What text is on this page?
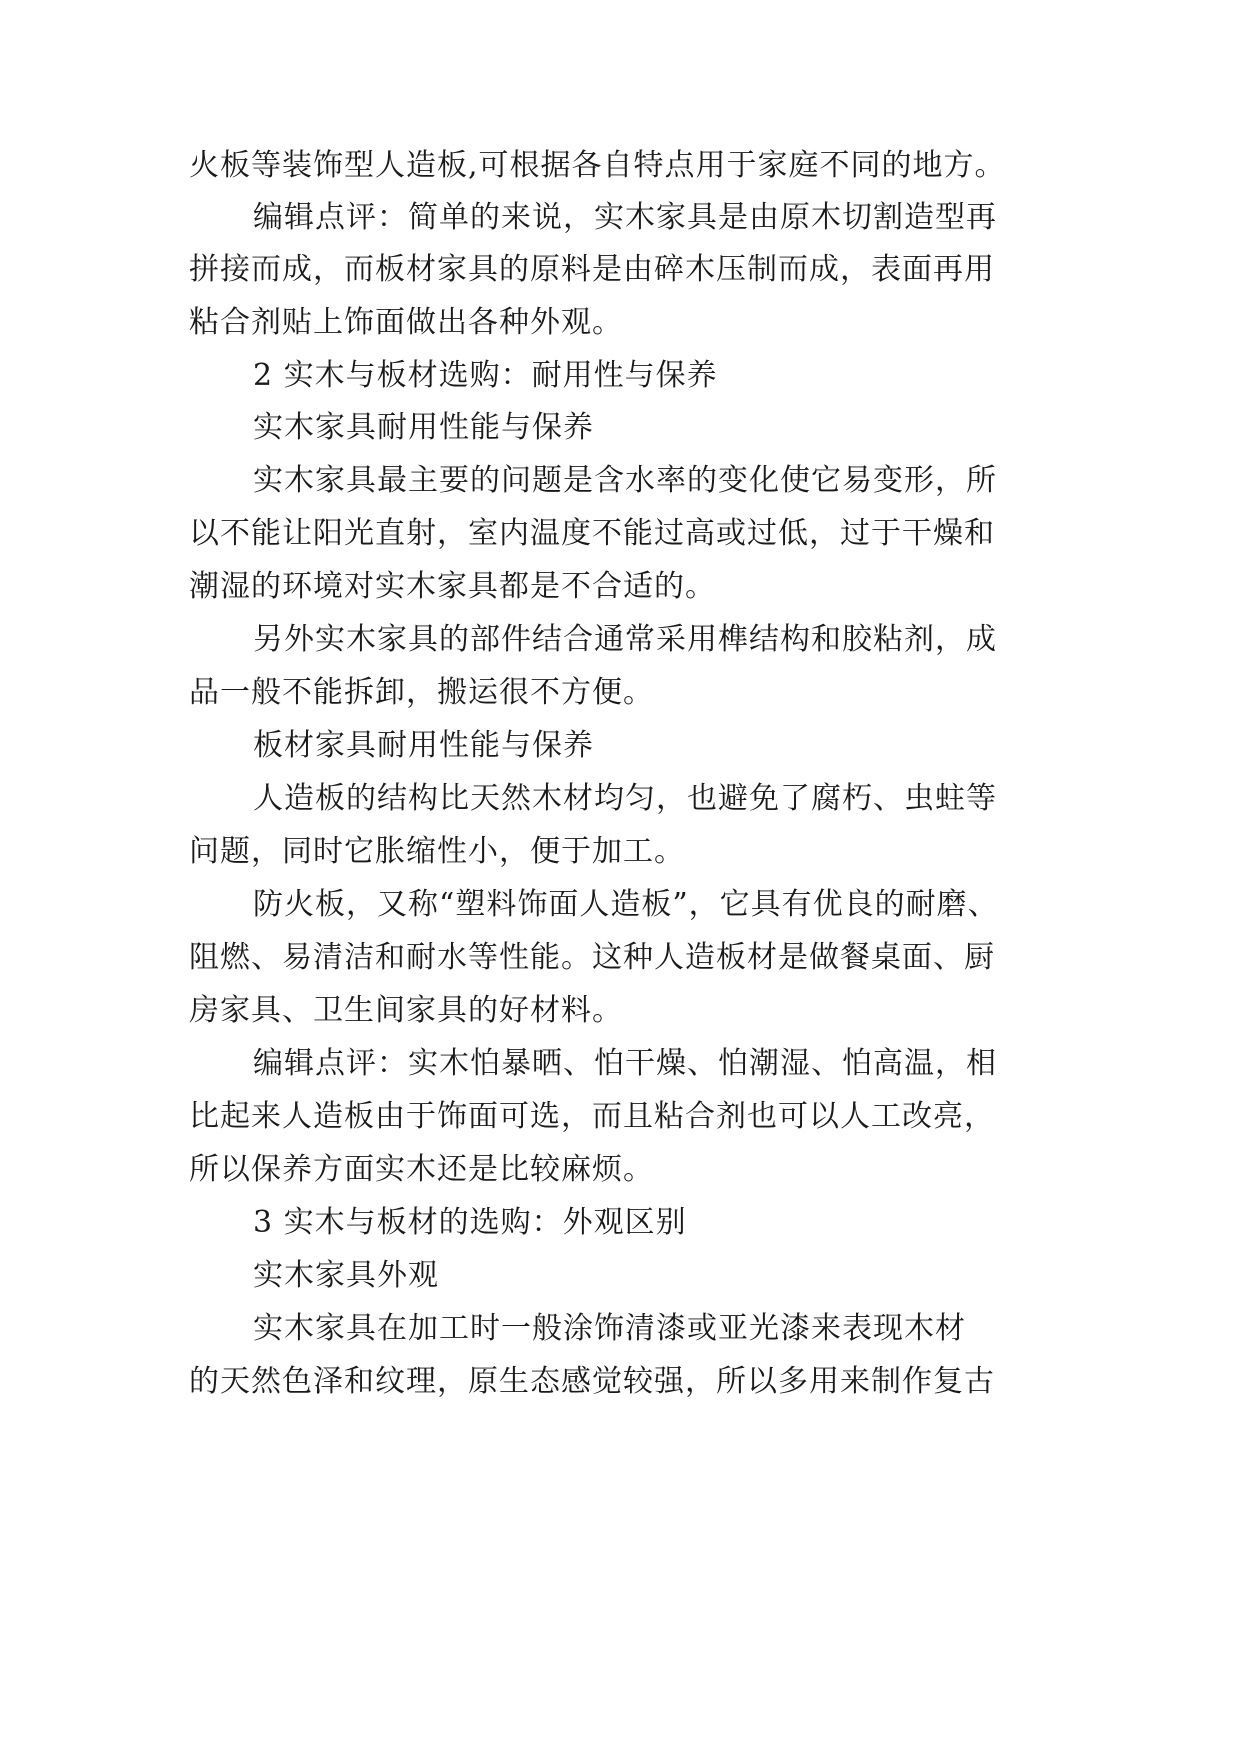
火板等装饰型人造板,可根据各自特点用于家庭不同的地方。
编辑点评：简单的来说，实木家具是由原木切割造型再
拼接而成，而板材家具的原料是由碎木压制而成，表面再用
粘合剂贴上饰面做出各种外观。
2 实木与板材选购：耐用性与保养
实木家具耐用性能与保养
实木家具最主要的问题是含水率的变化使它易变形，所
以不能让阳光直射，室内温度不能过高或过低，过于干燥和
潮湿的环境对实木家具都是不合适的。
另外实木家具的部件结合通常采用榫结构和胶粘剂，成
品一般不能拆卸，搬运很不方便。
板材家具耐用性能与保养
人造板的结构比天然木材均匀，也避免了腐朽、虫蛀等
问题，同时它胀缩性小，便于加工。
防火板，又称“塑料饰面人造板”，它具有优良的耐磨、
阻燃、易清洁和耐水等性能。这种人造板材是做餐桌面、厨
房家具、卫生间家具的好材料。
编辑点评：实木怕暴晒、怕干燥、怕潮湿、怕高温，相
比起来人造板由于饰面可选，而且粘合剂也可以人工改亮，
所以保养方面实木还是比较麻烦。
3 实木与板材的选购：外观区别
实木家具外观
实木家具在加工时一般涂饰清漆或亚光漆来表现木材
的天然色泽和纹理，原生态感觉较强，所以多用来制作复古
